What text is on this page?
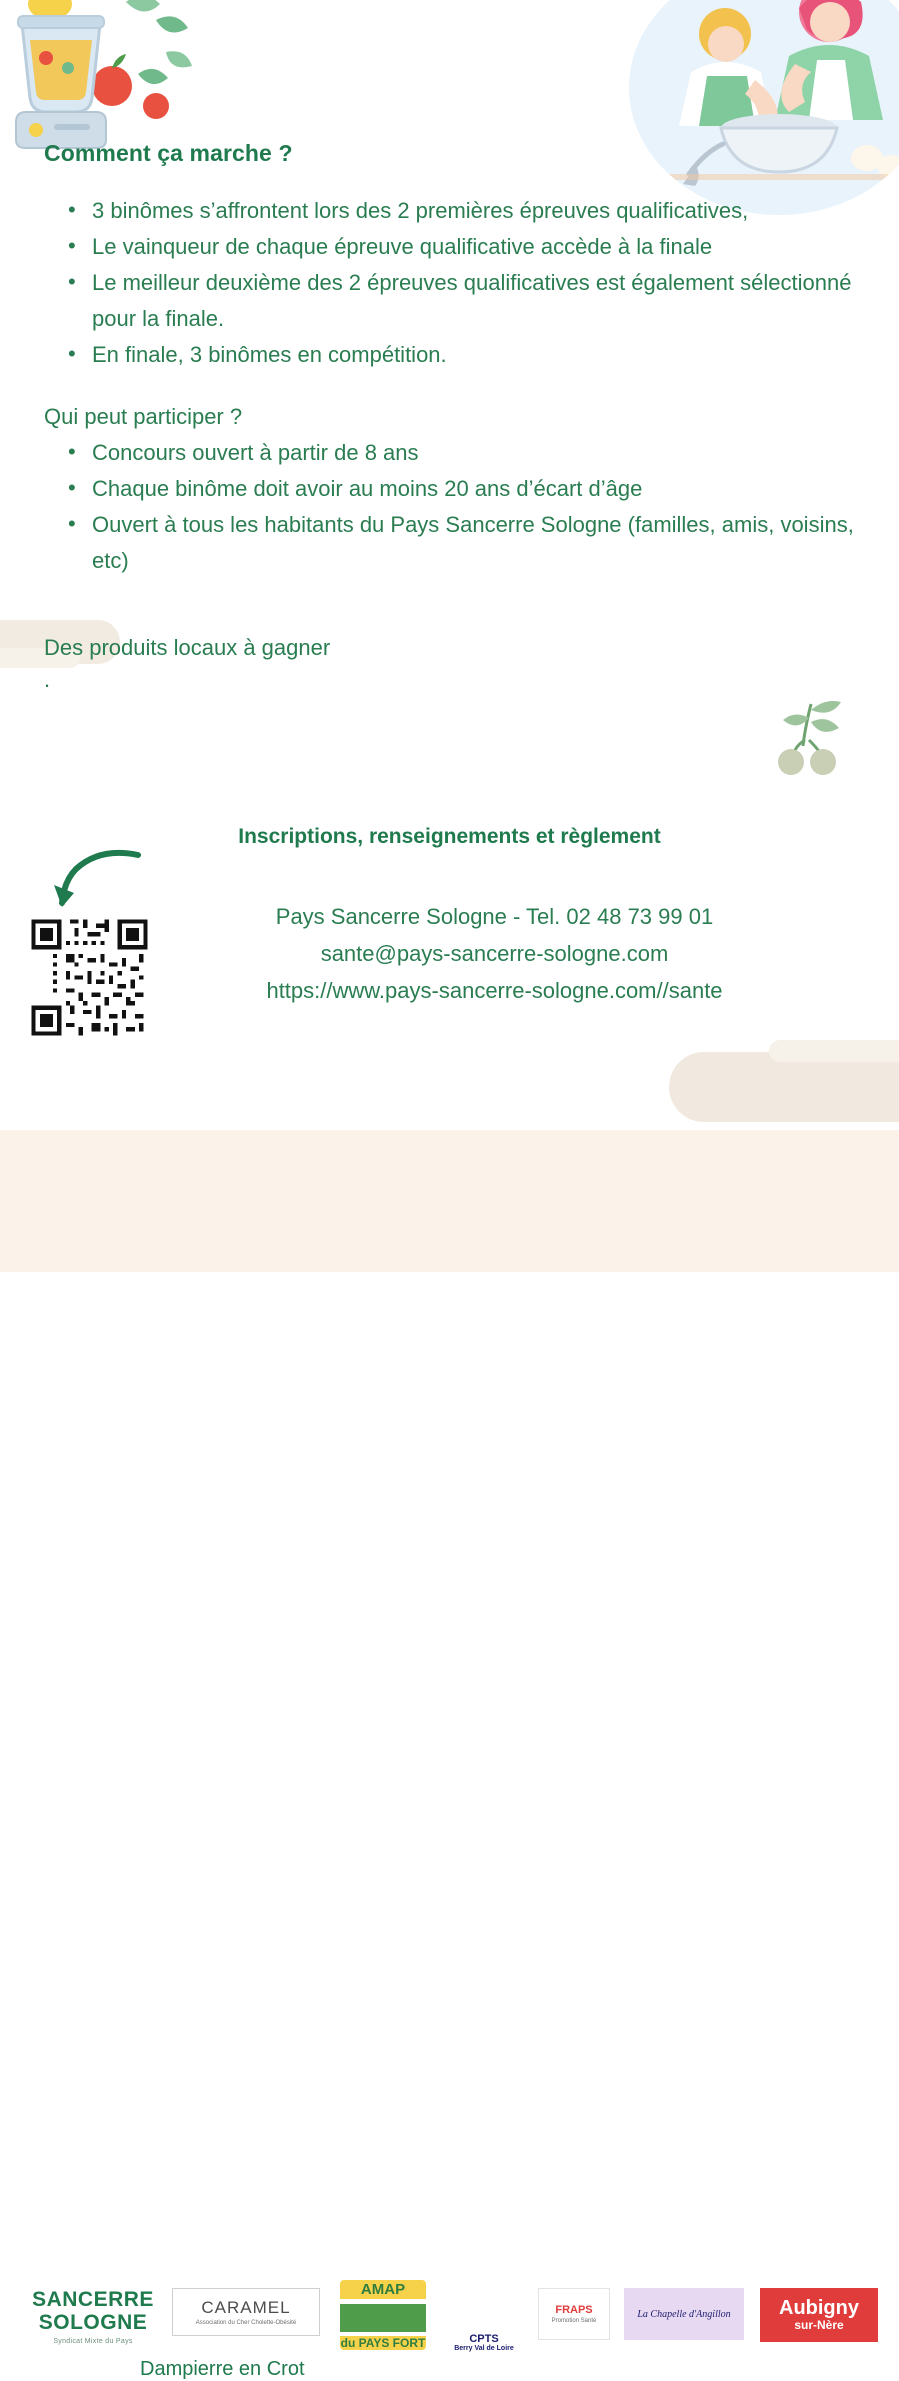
Comment ça marche ?
• 3 binômes s’affrontent lors des 2 premières épreuves qualificatives,
• Le vainqueur de chaque épreuve qualificative accède à la finale
• Le meilleur deuxième des 2 épreuves qualificatives est également sélectionné pour la finale.
• En finale, 3 binômes en compétition.

Qui peut participer ?

• Concours ouvert à partir de 8 ans
• Chaque binôme doit avoir au moins 20 ans d’écart d’âge
• Ouvert à tous les habitants du Pays Sancerre Sologne (familles, amis, voisins, etc)

Des produits locaux à gagner

.
Inscriptions, renseignements et règlement
Pays Sancerre Sologne - Tel. 02 48 73 99 01
sante@pays-sancerre-sologne.com
https://www.pays-sancerre-sologne.com//sante
SANCERRE
SOLOGNE
Syndicat Mixte du Pays
Dampierre en Crot
CARAMEL
Association du Cher Cholette-Obésité
AMAP
du PAYS FORT	CPTS
Berry Val de Loire
FRAPS
Promotion Santé
La Chapelle d'Angillon Aubigny
sur-Nère
